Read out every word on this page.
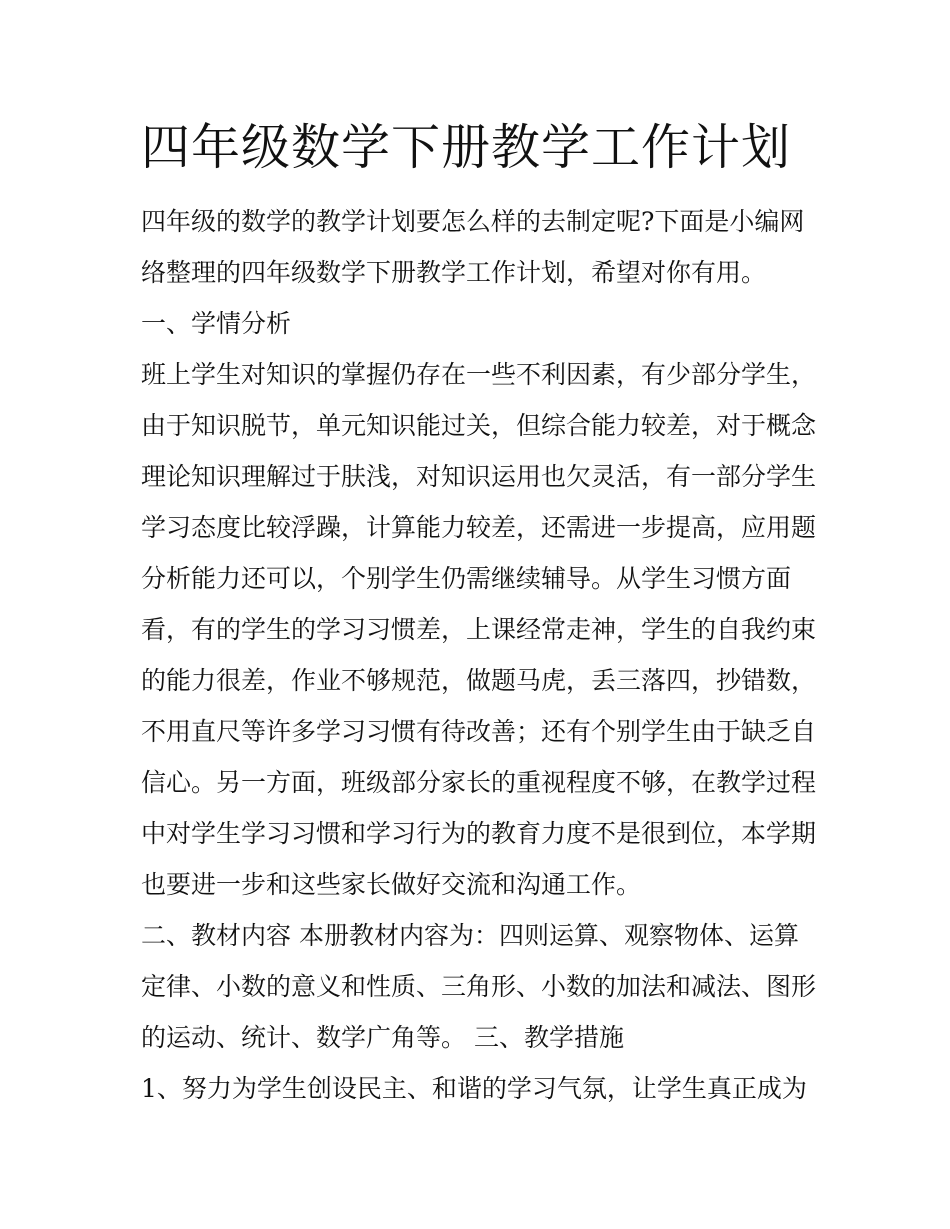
四年级数学下册教学工作计划
四年级的数学的教学计划要怎么样的去制定呢?下面是小编网
络整理的四年级数学下册教学工作计划，希望对你有用。
一、学情分析
班上学生对知识的掌握仍存在一些不利因素，有少部分学生，
由于知识脱节，单元知识能过关，但综合能力较差，对于概念
理论知识理解过于肤浅，对知识运用也欠灵活，有一部分学生
学习态度比较浮躁，计算能力较差，还需进一步提高，应用题
分析能力还可以，个别学生仍需继续辅导。从学生习惯方面
看，有的学生的学习习惯差，上课经常走神，学生的自我约束
的能力很差，作业不够规范，做题马虎，丢三落四，抄错数，
不用直尺等许多学习习惯有待改善；还有个别学生由于缺乏自
信心。另一方面，班级部分家长的重视程度不够，在教学过程
中对学生学习习惯和学习行为的教育力度不是很到位，本学期
也要进一步和这些家长做好交流和沟通工作。
二、教材内容 本册教材内容为：四则运算、观察物体、运算
定律、小数的意义和性质、三角形、小数的加法和减法、图形
的运动、统计、数学广角等。 三、教学措施
1、努力为学生创设民主、和谐的学习气氛，让学生真正成为
